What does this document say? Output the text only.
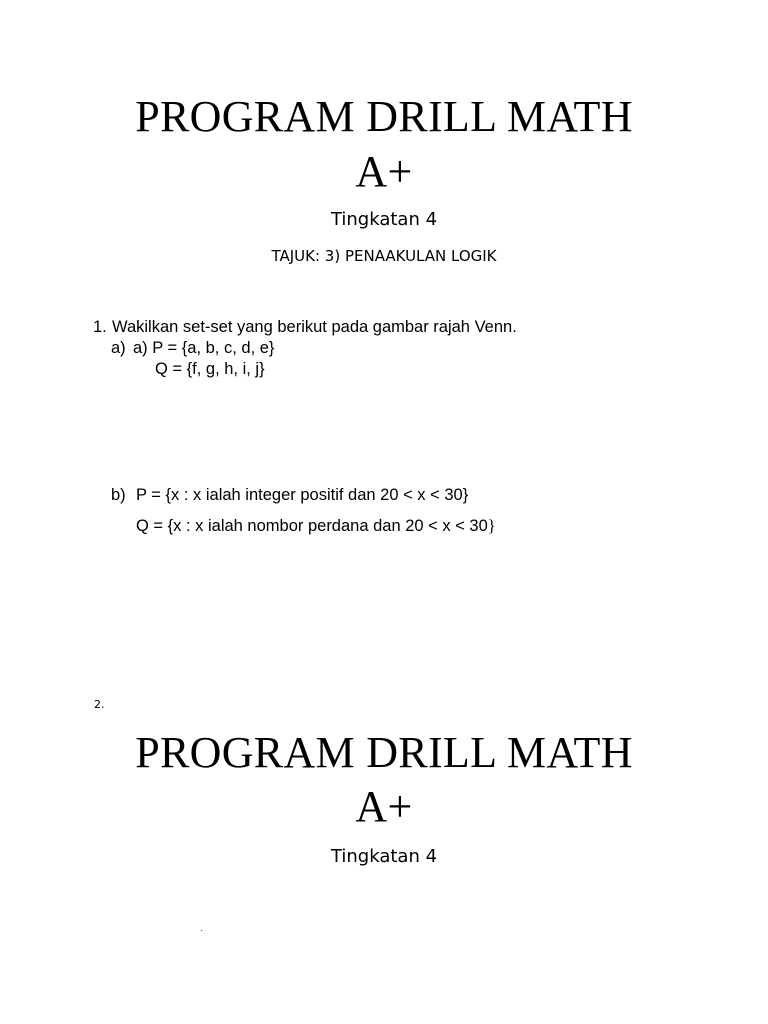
PROGRAM DRILL MATH
A+
Tingkatan 4
TAJUK: 3) PENAAKULAN LOGIK
1. Wakilkan set-set yang berikut pada gambar rajah Venn.
a) a) P = {a, b, c, d, e}
Q = {f, g, h, i, j}
b) P = {x : x ialah integer positif dan 20 < x < 30}
Q = {x : x ialah nombor perdana dan 20 < x < 30}
2.
PROGRAM DRILL MATH
A+
Tingkatan 4
